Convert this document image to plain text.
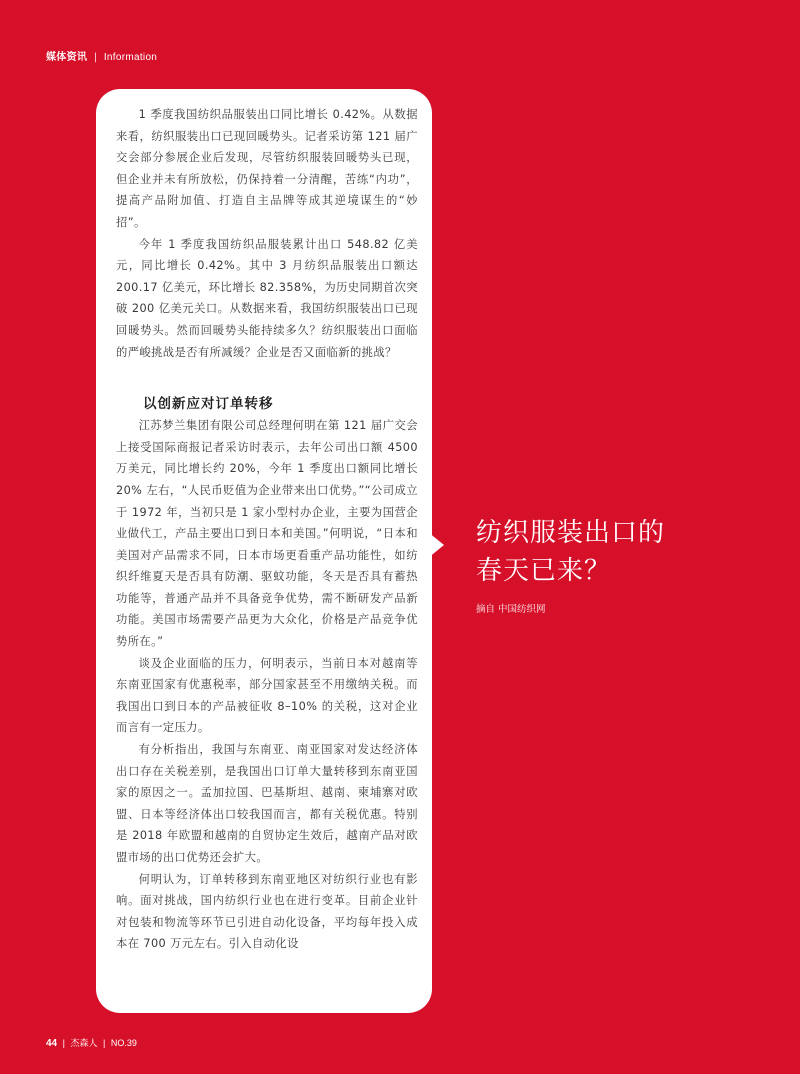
媒体资讯 | Information

1 季度我国纺织品服装出口同比增长 0.42%。从数据来看，纺织服装出口已现回暖势头。记者采访第 121 届广交会部分参展企业后发现，尽管纺织服装回暖势头已现，但企业并未有所放松，仍保持着一分清醒，苦练“内功”，提高产品附加值、打造自主品牌等成其逆境谋生的“妙招”。

今年 1 季度我国纺织品服装累计出口 548.82 亿美元，同比增长 0.42%。其中 3 月纺织品服装出口额达 200.17 亿美元，环比增长 82.358%，为历史同期首次突破 200 亿美元关口。从数据来看，我国纺织服装出口已现回暖势头。然而回暖势头能持续多久？纺织服装出口面临的严峻挑战是否有所减缓？企业是否又面临新的挑战？

以创新应对订单转移

江苏梦兰集团有限公司总经理何明在第 121 届广交会上接受国际商报记者采访时表示，去年公司出口额 4500 万美元，同比增长约 20%，今年 1 季度出口额同比增长 20% 左右，“人民币贬值为企业带来出口优势。”“公司成立于 1972 年，当初只是 1 家小型村办企业，主要为国营企业做代工，产品主要出口到日本和美国。”何明说，“日本和美国对产品需求不同，日本市场更看重产品功能性，如纺织纤维夏天是否具有防潮、驱蚊功能，冬天是否具有蓄热功能等，普通产品并不具备竞争优势，需不断研发产品新功能。美国市场需要产品更为大众化，价格是产品竞争优势所在。”

谈及企业面临的压力，何明表示，当前日本对越南等东南亚国家有优惠税率，部分国家甚至不用缴纳关税。而我国出口到日本的产品被征收 8–10% 的关税，这对企业而言有一定压力。

有分析指出，我国与东南亚、南亚国家对发达经济体出口存在关税差别，是我国出口订单大量转移到东南亚国家的原因之一。孟加拉国、巴基斯坦、越南、柬埔寨对欧盟、日本等经济体出口较我国而言，都有关税优惠。特别是 2018 年欧盟和越南的自贸协定生效后，越南产品对欧盟市场的出口优势还会扩大。

何明认为，订单转移到东南亚地区对纺织行业也有影响。面对挑战，国内纺织行业也在进行变革。目前企业针对包装和物流等环节已引进自动化设备，平均每年投入成本在 700 万元左右。引入自动化设

纺织服装出口的
春天已来？
摘自 中国纺织网
44 | 杰森人 | NO.39
